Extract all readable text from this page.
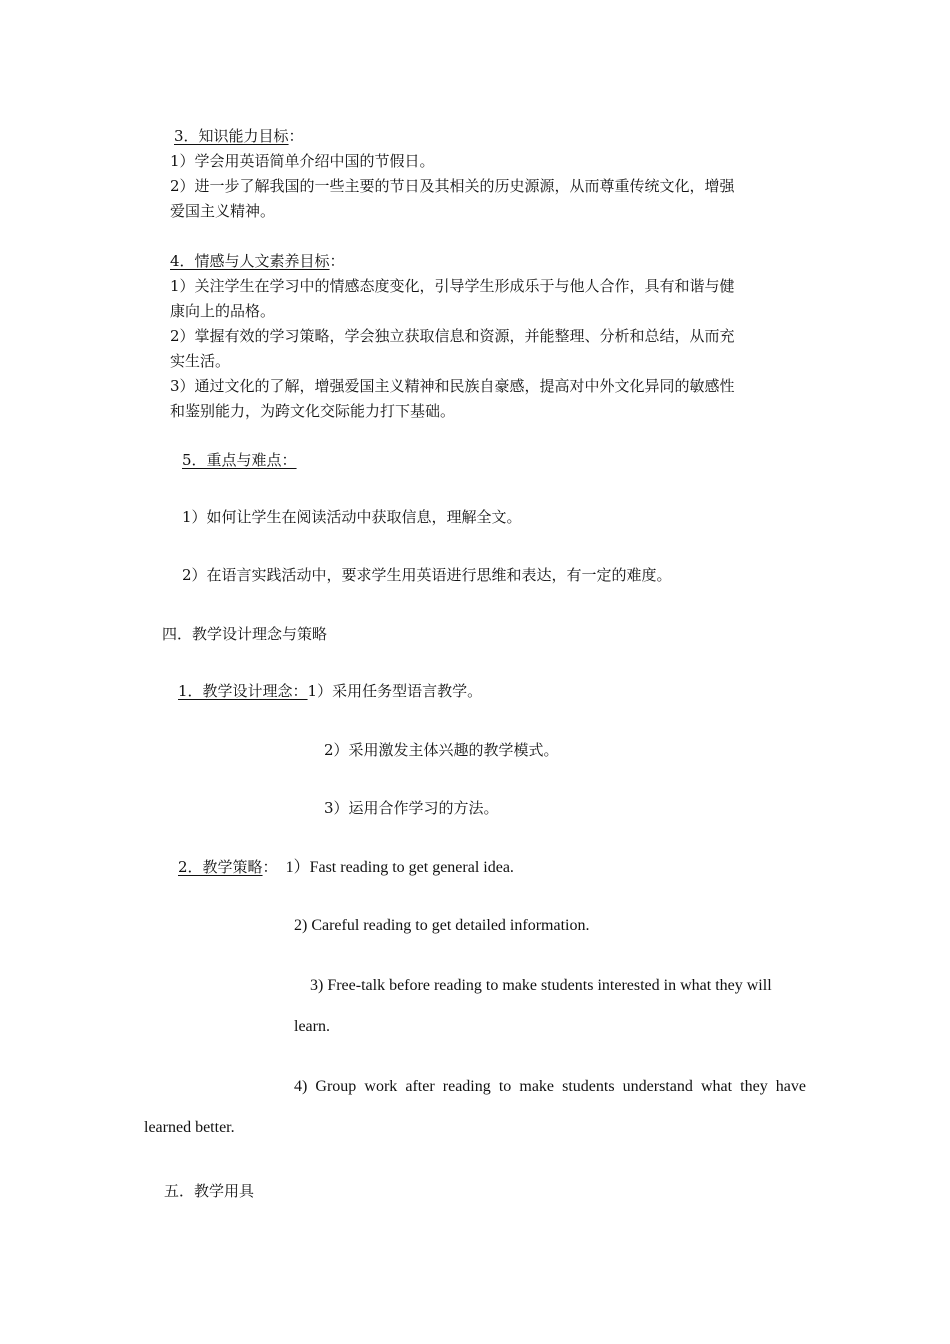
3．知识能力目标：
1）学会用英语简单介绍中国的节假日。
2）进一步了解我国的一些主要的节日及其相关的历史源源，从而尊重传统文化，增强
爱国主义精神。
4．情感与人文素养目标：
1）关注学生在学习中的情感态度变化，引导学生形成乐于与他人合作，具有和谐与健
康向上的品格。
2）掌握有效的学习策略，学会独立获取信息和资源，并能整理、分析和总结，从而充
实生活。
3）通过文化的了解，增强爱国主义精神和民族自豪感，提高对中外文化异同的敏感性
和鉴别能力，为跨文化交际能力打下基础。
5．重点与难点：
1）如何让学生在阅读活动中获取信息，理解全文。
2）在语言实践活动中，要求学生用英语进行思维和表达，有一定的难度。
四．教学设计理念与策略
1．教学设计理念：1）采用任务型语言教学。
2）采用激发主体兴趣的教学模式。
3）运用合作学习的方法。
2．教学策略： 1）Fast reading to get general idea.
2) Careful reading to get detailed information.
3) Free-talk before reading to make students interested in what they will
learn.
4) Group work after reading to make students understand what they have
learned better.
五．教学用具
